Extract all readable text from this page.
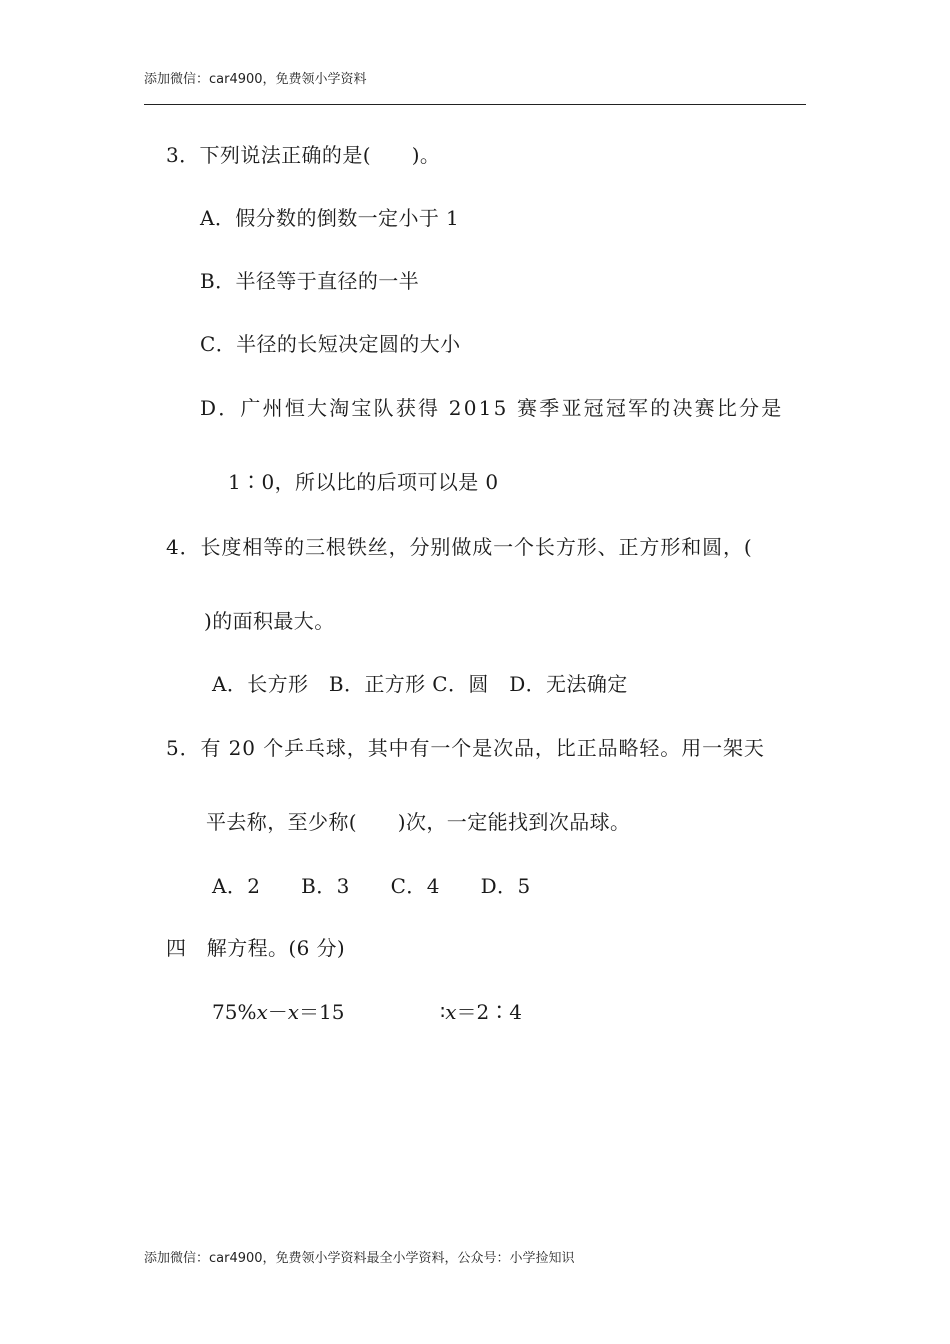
添加微信：car4900，免费领小学资料
3．下列说法正确的是(　　)。
A．假分数的倒数一定小于 1
B．半径等于直径的一半
C．半径的长短决定圆的大小
D．广州恒大淘宝队获得 2015 赛季亚冠冠军的决赛比分是
1∶0，所以比的后项可以是 0
4．长度相等的三根铁丝，分别做成一个长方形、正方形和圆，(
)的面积最大。
A．长方形　B．正方形 C．圆　D．无法确定
5．有 20 个乒乓球，其中有一个是次品，比正品略轻。用一架天
平去称，至少称(　　)次，一定能找到次品球。
A．2　　B．3　　C．4　　D．5
四　解方程。(6 分)
75%x－x＝15	∶x＝2∶4
添加微信：car4900，免费领小学资料最全小学资料，公众号：小学捡知识
